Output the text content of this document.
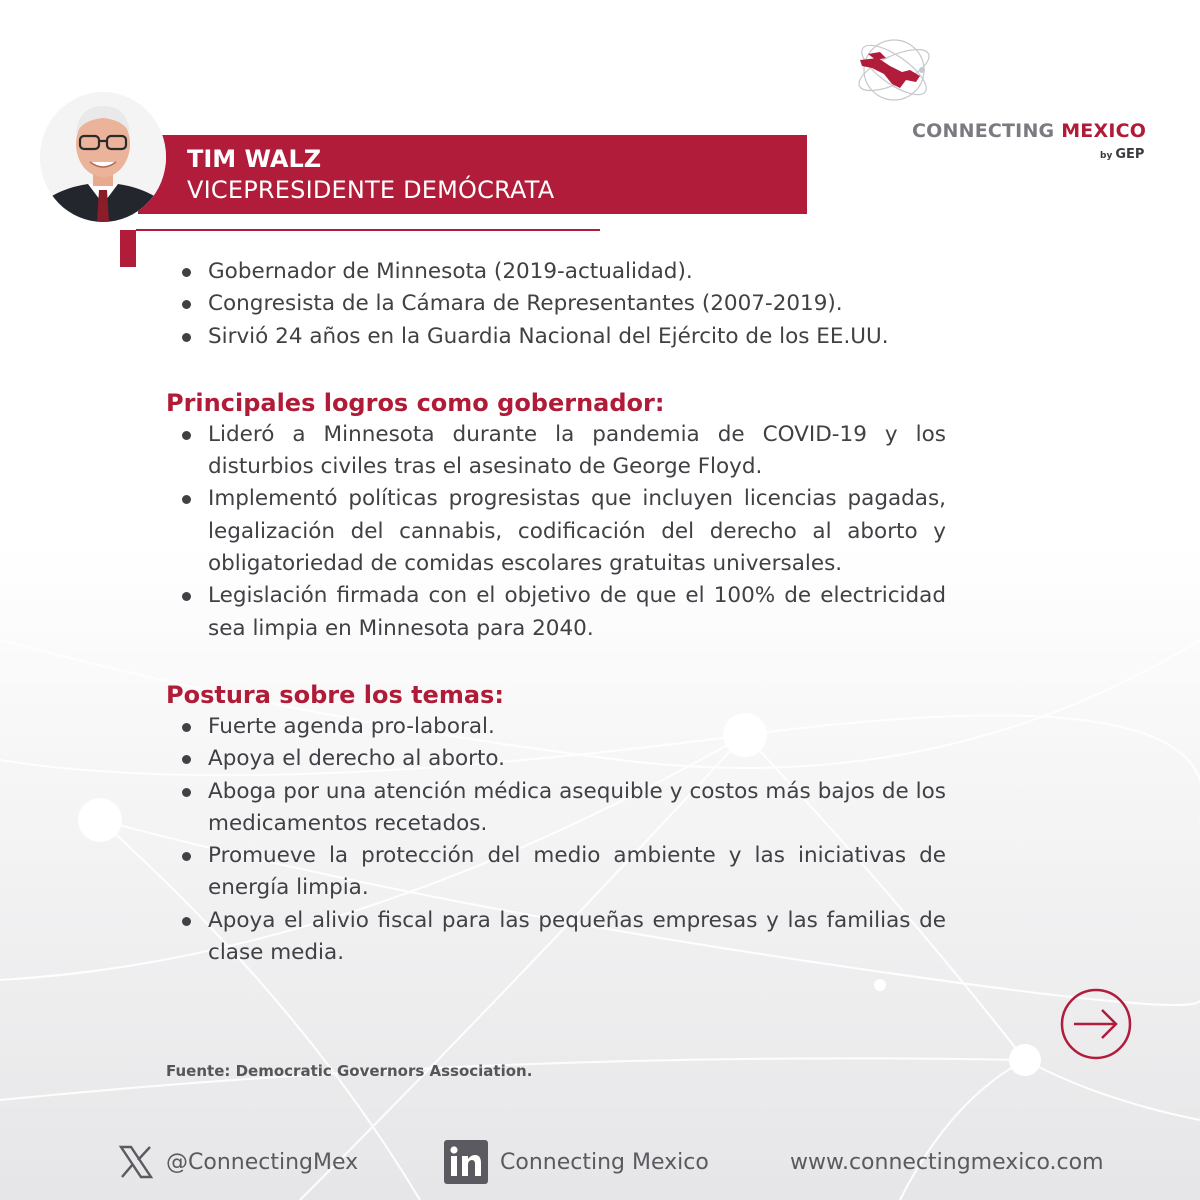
CONNECTING MEXICO
by GEP
TIM WALZ
VICEPRESIDENTE DEMÓCRATA
Gobernador de Minnesota (2019-actualidad).
Congresista de la Cámara de Representantes (2007-2019).
Sirvió 24 años en la Guardia Nacional del Ejército de los EE.UU.
Principales logros como gobernador:
Lideró a Minnesota durante la pandemia de COVID-19 y los disturbios civiles tras el asesinato de George Floyd.
Implementó políticas progresistas que incluyen licencias pagadas, legalización del cannabis, codificación del derecho al aborto y obligatoriedad de comidas escolares gratuitas universales.
Legislación firmada con el objetivo de que el 100% de electricidad sea limpia en Minnesota para 2040.
Postura sobre los temas:
Fuerte agenda pro-laboral.
Apoya el derecho al aborto.
Aboga por una atención médica asequible y costos más bajos de los medicamentos recetados.
Promueve la protección del medio ambiente y las iniciativas de energía limpia.
Apoya el alivio fiscal para las pequeñas empresas y las familias de clase media.
Fuente: Democratic Governors Association.
@ConnectingMex	Connecting Mexico	www.connectingmexico.com
